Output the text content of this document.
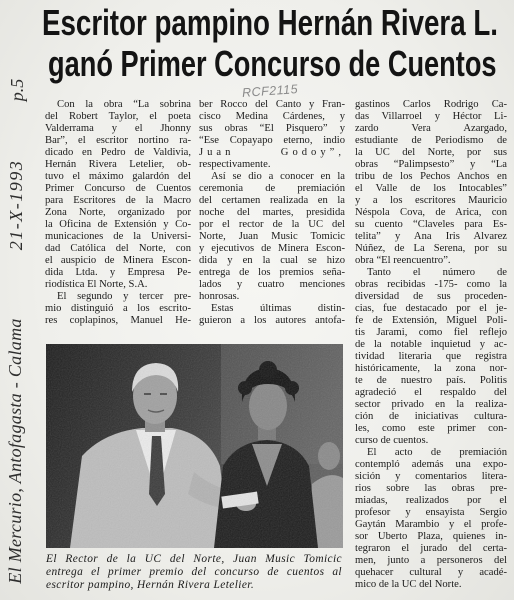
Escritor pampino Hernán Rivera L.
ganó Primer Concurso de Cuentos
p.5
21-X-1993
El Mercurio, Antofagasta - Calama
RCF2115
Con la obra “La sobrina
del Robert Taylor, el poeta
Valderrama y el Jhonny
Bar”, el escritor nortino ra-
dicado en Pedro de Valdivia,
Hernán Rivera Letelier, ob-
tuvo el máximo galardón del
Primer Concurso de Cuentos
para Escritores de la Macro
Zona Norte, organizado por
la Oficina de Extensión y Co-
municaciones de la Universi-
dad Católica del Norte, con
el auspicio de Minera Escon-
dida Ltda. y Empresa Pe-
riodística El Norte, S.A.
El segundo y tercer pre-
mio distinguió a los escrito-
res coplapinos, Manuel He-
ber Rocco del Canto y Fran-
cisco Medina Cárdenes, y
sus obras “El Pisquero” y
“Ese Copayapo eterno, indio
Juan Godoy”,
respectivamente.
Así se dio a conocer en la
ceremonia de premiación
del certamen realizada en la
noche del martes, presidida
por el rector de la UC del
Norte, Juan Music Tomicic
y ejecutivos de Minera Escon-
dida y en la cual se hizo
entrega de los premios seña-
lados y cuatro menciones
honrosas.
Estas últimas distin-
guieron a los autores antofa-
gastinos Carlos Rodrigo Ca-
das Villarroel y Héctor Li-
zardo Vera Azargado,
estudiante de Periodismo de
la UC del Norte, por sus
obras “Palimpsesto” y “La
tribu de los Pechos Anchos en
el Valle de los Intocables”
y a los escritores Mauricio
Néspola Cova, de Arica, con
su cuento “Claveles para Es-
telita” y Ana Iris Alvarez
Núñez, de La Serena, por su
obra “El reencuentro”.
Tanto el número de
obras recibidas -175- como la
diversidad de sus proceden-
cias, fue destacado por el je-
fe de Extensión, Miguel Poli-
tis Jarami, como fiel reflejo
de la notable inquietud y ac-
tividad literaria que registra
históricamente, la zona nor-
te de nuestro país. Politis
agradeció el respaldo del
sector privado en la realiza-
ción de iniciativas cultura-
les, como este primer con-
curso de cuentos.
El acto de premiación
contempló además una expo-
sición y comentarios litera-
rios sobre las obras pre-
miadas, realizados por el
profesor y ensayista Sergio
Gaytán Marambio y el profe-
sor Uberto Plaza, quienes in-
tegraron el jurado del certa-
men, junto a personeros del
quehacer cultural y acadé-
mico de la UC del Norte.
El Rector de la UC del Norte, Juan Music Tomicic
entrega el primer premio del concurso de cuentos al
escritor pampino, Hernán Rivera Letelier.
